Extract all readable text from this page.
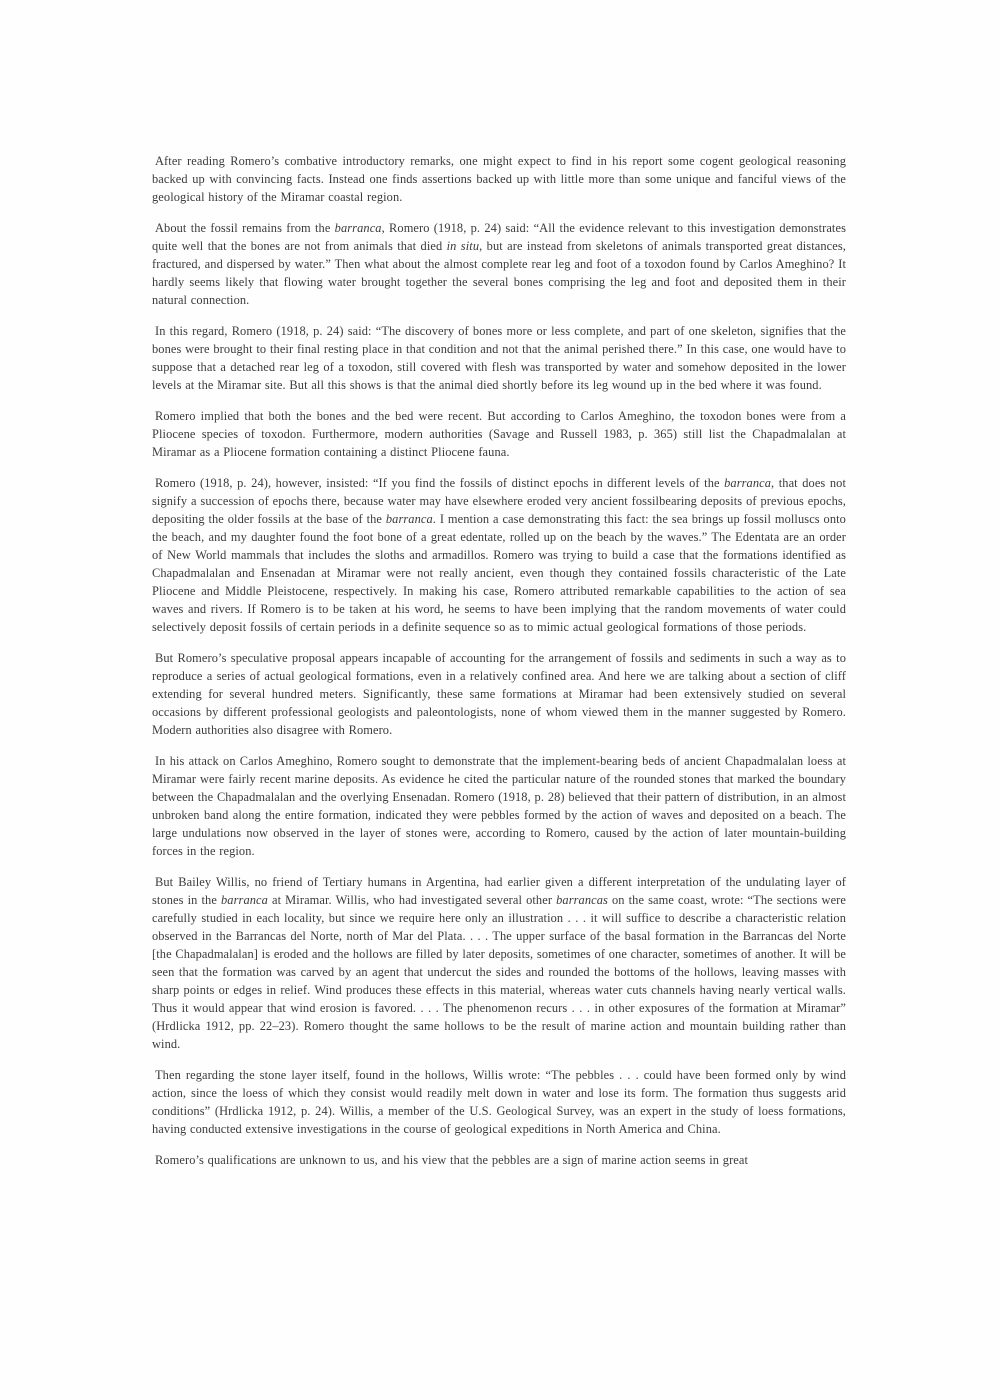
After reading Romero’s combative introductory remarks, one might expect to find in his report some cogent geological reasoning backed up with convincing facts. Instead one finds assertions backed up with little more than some unique and fanciful views of the geological history of the Miramar coastal region.

About the fossil remains from the barranca, Romero (1918, p. 24) said: “All the evidence relevant to this investigation demonstrates quite well that the bones are not from animals that died in situ, but are instead from skeletons of animals transported great distances, fractured, and dispersed by water.” Then what about the almost complete rear leg and foot of a toxodon found by Carlos Ameghino? It hardly seems likely that flowing water brought together the several bones comprising the leg and foot and deposited them in their natural connection.

In this regard, Romero (1918, p. 24) said: “The discovery of bones more or less complete, and part of one skeleton, signifies that the bones were brought to their final resting place in that condition and not that the animal perished there.” In this case, one would have to suppose that a detached rear leg of a toxodon, still covered with flesh was transported by water and somehow deposited in the lower levels at the Miramar site. But all this shows is that the animal died shortly before its leg wound up in the bed where it was found.

Romero implied that both the bones and the bed were recent. But according to Carlos Ameghino, the toxodon bones were from a Pliocene species of toxodon. Furthermore, modern authorities (Savage and Russell 1983, p. 365) still list the Chapadmalalan at Miramar as a Pliocene formation containing a distinct Pliocene fauna.

Romero (1918, p. 24), however, insisted: “If you find the fossils of distinct epochs in different levels of the barranca, that does not signify a succession of epochs there, because water may have elsewhere eroded very ancient fossilbearing deposits of previous epochs, depositing the older fossils at the base of the barranca. I mention a case demonstrating this fact: the sea brings up fossil molluscs onto the beach, and my daughter found the foot bone of a great edentate, rolled up on the beach by the waves.” The Edentata are an order of New World mammals that includes the sloths and armadillos. Romero was trying to build a case that the formations identified as Chapadmalalan and Ensenadan at Miramar were not really ancient, even though they contained fossils characteristic of the Late Pliocene and Middle Pleistocene, respectively. In making his case, Romero attributed remarkable capabilities to the action of sea waves and rivers. If Romero is to be taken at his word, he seems to have been implying that the random movements of water could selectively deposit fossils of certain periods in a definite sequence so as to mimic actual geological formations of those periods.

But Romero’s speculative proposal appears incapable of accounting for the arrangement of fossils and sediments in such a way as to reproduce a series of actual geological formations, even in a relatively confined area. And here we are talking about a section of cliff extending for several hundred meters. Significantly, these same formations at Miramar had been extensively studied on several occasions by different professional geologists and paleontologists, none of whom viewed them in the manner suggested by Romero. Modern authorities also disagree with Romero.

In his attack on Carlos Ameghino, Romero sought to demonstrate that the implement-bearing beds of ancient Chapadmalalan loess at Miramar were fairly recent marine deposits. As evidence he cited the particular nature of the rounded stones that marked the boundary between the Chapadmalalan and the overlying Ensenadan. Romero (1918, p. 28) believed that their pattern of distribution, in an almost unbroken band along the entire formation, indicated they were pebbles formed by the action of waves and deposited on a beach. The large undulations now observed in the layer of stones were, according to Romero, caused by the action of later mountain-building forces in the region.

But Bailey Willis, no friend of Tertiary humans in Argentina, had earlier given a different interpretation of the undulating layer of stones in the barranca at Miramar. Willis, who had investigated several other barrancas on the same coast, wrote: “The sections were carefully studied in each locality, but since we require here only an illustration . . . it will suffice to describe a characteristic relation observed in the Barrancas del Norte, north of Mar del Plata. . . . The upper surface of the basal formation in the Barrancas del Norte [the Chapadmalalan] is eroded and the hollows are filled by later deposits, sometimes of one character, sometimes of another. It will be seen that the formation was carved by an agent that undercut the sides and rounded the bottoms of the hollows, leaving masses with sharp points or edges in relief. Wind produces these effects in this material, whereas water cuts channels having nearly vertical walls. Thus it would appear that wind erosion is favored. . . . The phenomenon recurs . . . in other exposures of the formation at Miramar” (Hrdlicka 1912, pp. 22–23). Romero thought the same hollows to be the result of marine action and mountain building rather than wind.

Then regarding the stone layer itself, found in the hollows, Willis wrote: “The pebbles . . . could have been formed only by wind action, since the loess of which they consist would readily melt down in water and lose its form. The formation thus suggests arid conditions” (Hrdlicka 1912, p. 24). Willis, a member of the U.S. Geological Survey, was an expert in the study of loess formations, having conducted extensive investigations in the course of geological expeditions in North America and China.

Romero’s qualifications are unknown to us, and his view that the pebbles are a sign of marine action seems in great
